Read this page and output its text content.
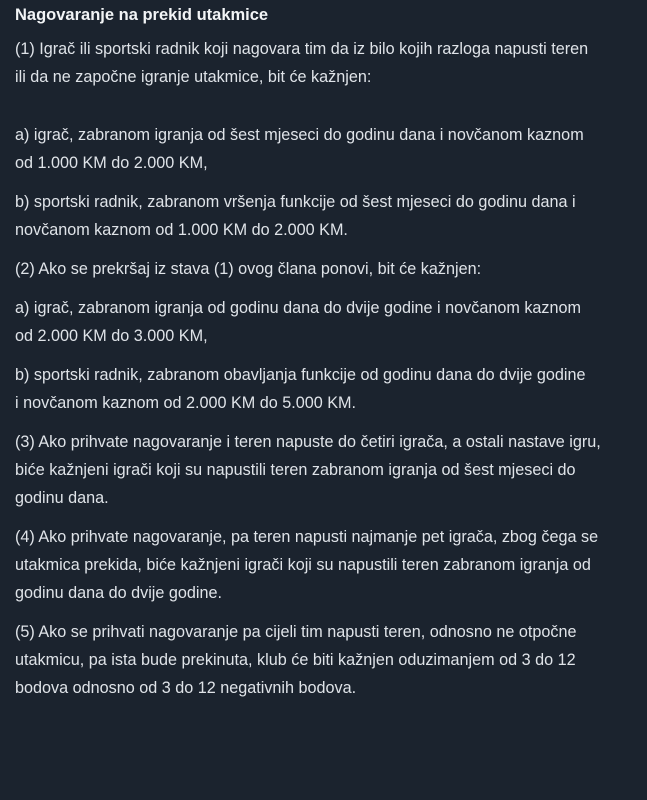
Nagovaranje na prekid utakmice

(1) Igrač ili sportski radnik koji nagovara tim da iz bilo kojih razloga napusti teren
ili da ne započne igranje utakmice, bit će kažnjen:

a) igrač, zabranom igranja od šest mjeseci do godinu dana i novčanom kaznom
od 1.000 KM do 2.000 KM,

b) sportski radnik, zabranom vršenja funkcije od šest mjeseci do godinu dana i
novčanom kaznom od 1.000 KM do 2.000 KM.

(2) Ako se prekršaj iz stava (1) ovog člana ponovi, bit će kažnjen:

a) igrač, zabranom igranja od godinu dana do dvije godine i novčanom kaznom
od 2.000 KM do 3.000 KM,

b) sportski radnik, zabranom obavljanja funkcije od godinu dana do dvije godine
i novčanom kaznom od 2.000 KM do 5.000 KM.

(3) Ako prihvate nagovaranje i teren napuste do četiri igrača, a ostali nastave igru,
biće kažnjeni igrači koji su napustili teren zabranom igranja od šest mjeseci do
godinu dana.

(4) Ako prihvate nagovaranje, pa teren napusti najmanje pet igrača, zbog čega se
utakmica prekida, biće kažnjeni igrači koji su napustili teren zabranom igranja od
godinu dana do dvije godine.

(5) Ako se prihvati nagovaranje pa cijeli tim napusti teren, odnosno ne otpočne
utakmicu, pa ista bude prekinuta, klub će biti kažnjen oduzimanjem od 3 do 12
bodova odnosno od 3 do 12 negativnih bodova.
